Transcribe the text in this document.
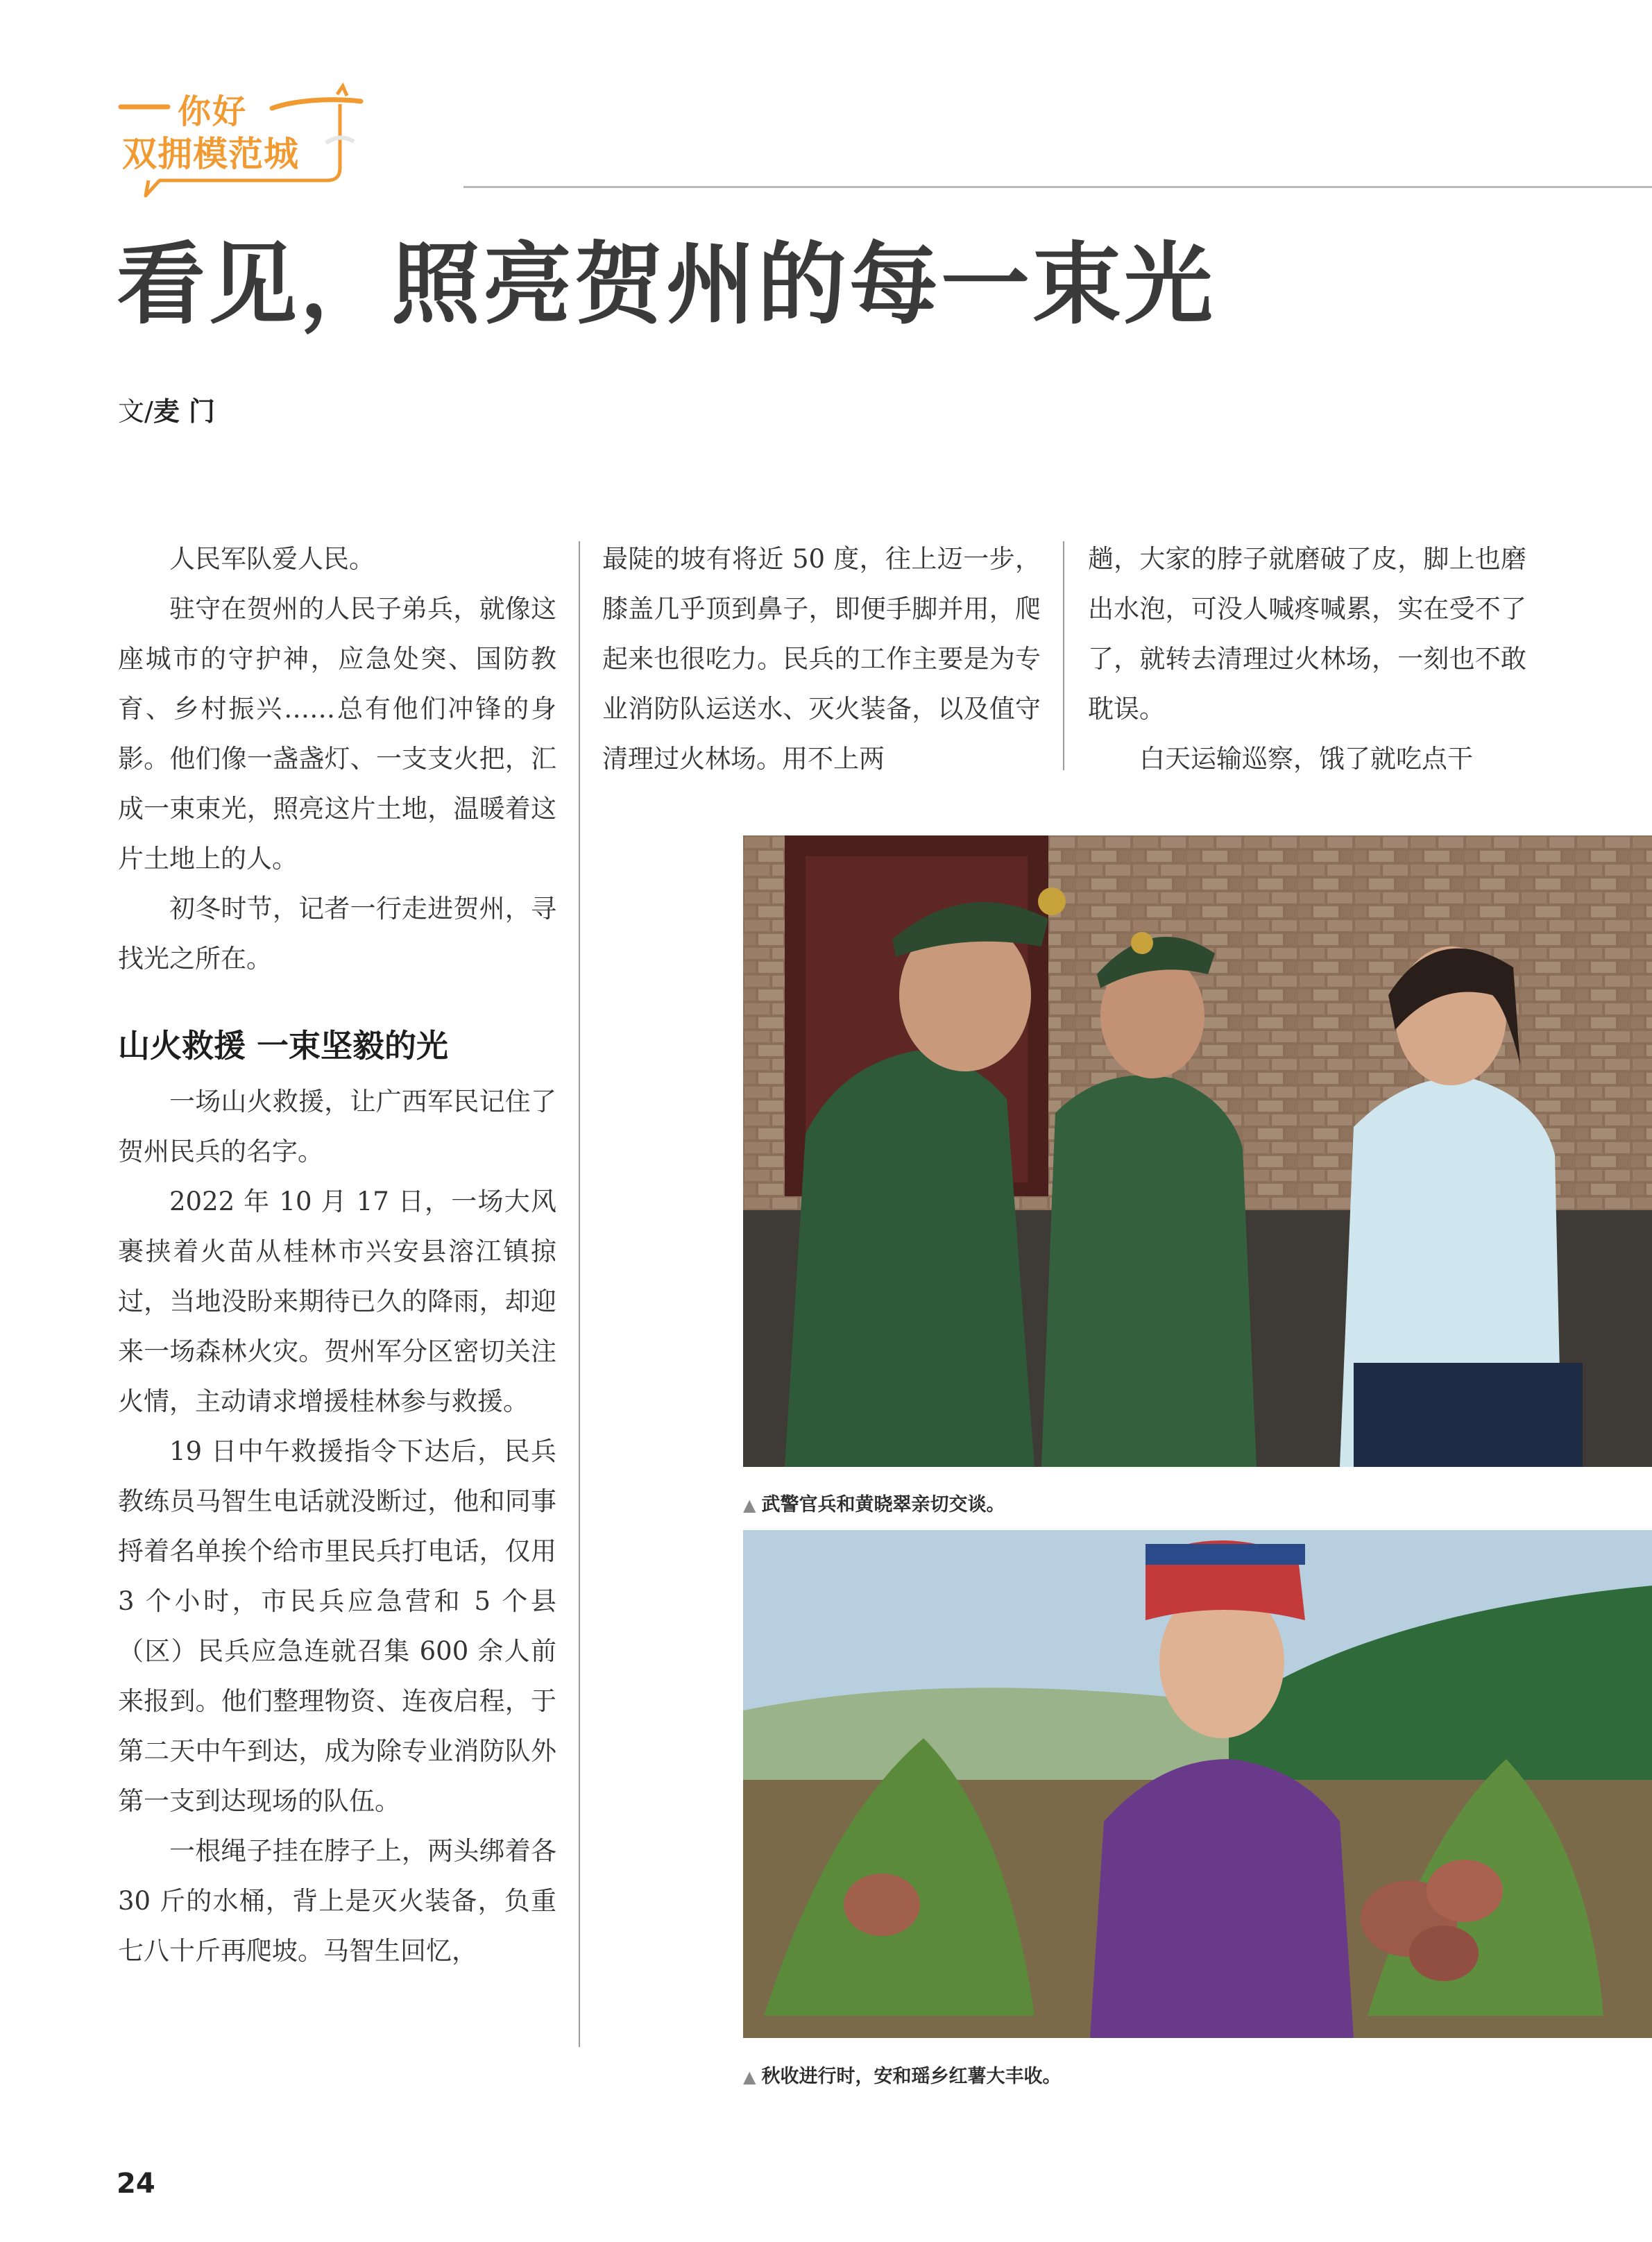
你好
双拥模范城
看见，照亮贺州的每一束光
文/麦 门

人民军队爱人民。

驻守在贺州的人民子弟兵，就像这座城市的守护神，应急处突、国防教育、乡村振兴……总有他们冲锋的身影。他们像一盏盏灯、一支支火把，汇成一束束光，照亮这片土地，温暖着这片土地上的人。

初冬时节，记者一行走进贺州，寻找光之所在。

山火救援 一束坚毅的光

一场山火救援，让广西军民记住了贺州民兵的名字。

2022 年 10 月 17 日，一场大风裹挟着火苗从桂林市兴安县溶江镇掠过，当地没盼来期待已久的降雨，却迎来一场森林火灾。贺州军分区密切关注火情，主动请求增援桂林参与救援。

19 日中午救援指令下达后，民兵教练员马智生电话就没断过，他和同事捋着名单挨个给市里民兵打电话，仅用 3 个小时，市民兵应急营和 5 个县（区）民兵应急连就召集 600 余人前来报到。他们整理物资、连夜启程，于第二天中午到达，成为除专业消防队外第一支到达现场的队伍。

一根绳子挂在脖子上，两头绑着各 30 斤的水桶，背上是灭火装备，负重七八十斤再爬坡。马智生回忆，

最陡的坡有将近 50 度，往上迈一步，膝盖几乎顶到鼻子，即便手脚并用，爬起来也很吃力。民兵的工作主要是为专业消防队运送水、灭火装备，以及值守清理过火林场。用不上两

趟，大家的脖子就磨破了皮，脚上也磨出水泡，可没人喊疼喊累，实在受不了了，就转去清理过火林场，一刻也不敢耽误。

白天运输巡察，饿了就吃点干

▲ 武警官兵和黄晓翠亲切交谈。
▲ 秋收进行时，安和瑶乡红薯大丰收。
24
